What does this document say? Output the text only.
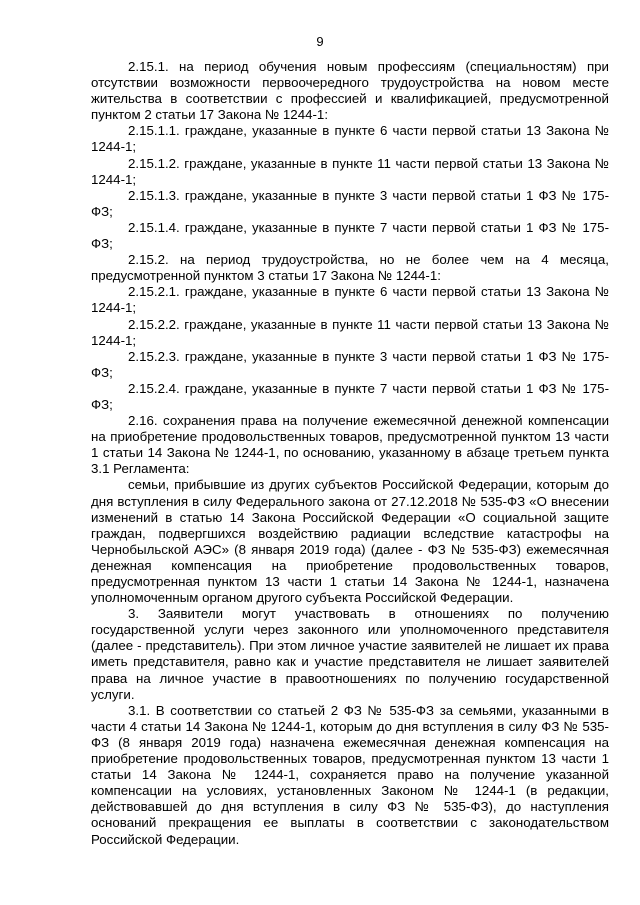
9

2.15.1. на период обучения новым профессиям (специальностям) при отсутствии возможности первоочередного трудоустройства на новом месте жительства в соответствии с профессией и квалификацией, предусмотренной пунктом 2 статьи 17 Закона № 1244-1:

2.15.1.1. граждане, указанные в пункте 6 части первой статьи 13 Закона № 1244-1;

2.15.1.2. граждане, указанные в пункте 11 части первой статьи 13 Закона № 1244-1;

2.15.1.3. граждане, указанные в пункте 3 части первой статьи 1 ФЗ № 175-ФЗ;

2.15.1.4. граждане, указанные в пункте 7 части первой статьи 1 ФЗ № 175-ФЗ;

2.15.2. на период трудоустройства, но не более чем на 4 месяца, предусмотренной пунктом 3 статьи 17 Закона № 1244-1:

2.15.2.1. граждане, указанные в пункте 6 части первой статьи 13 Закона № 1244-1;

2.15.2.2. граждане, указанные в пункте 11 части первой статьи 13 Закона № 1244-1;

2.15.2.3. граждане, указанные в пункте 3 части первой статьи 1 ФЗ № 175-ФЗ;

2.15.2.4. граждане, указанные в пункте 7 части первой статьи 1 ФЗ № 175-ФЗ;

2.16. сохранения права на получение ежемесячной денежной компенсации на приобретение продовольственных товаров, предусмотренной пунктом 13 части 1 статьи 14 Закона № 1244-1, по основанию, указанному в абзаце третьем пункта 3.1 Регламента:

семьи, прибывшие из других субъектов Российской Федерации, которым до дня вступления в силу Федерального закона от 27.12.2018 № 535-ФЗ «О внесении изменений в статью 14 Закона Российской Федерации «О социальной защите граждан, подвергшихся воздействию радиации вследствие катастрофы на Чернобыльской АЭС» (8 января 2019 года) (далее - ФЗ № 535-ФЗ) ежемесячная денежная компенсация на приобретение продовольственных товаров, предусмотренная пунктом 13 части 1 статьи 14 Закона № 1244-1, назначена уполномоченным органом другого субъекта Российской Федерации.

3. Заявители могут участвовать в отношениях по получению государственной услуги через законного или уполномоченного представителя (далее - представитель). При этом личное участие заявителей не лишает их права иметь представителя, равно как и участие представителя не лишает заявителей права на личное участие в правоотношениях по получению государственной услуги.

3.1. В соответствии со статьей 2 ФЗ № 535-ФЗ за семьями, указанными в части 4 статьи 14 Закона № 1244-1, которым до дня вступления в силу ФЗ № 535-ФЗ (8 января 2019 года) назначена ежемесячная денежная компенсация на приобретение продовольственных товаров, предусмотренная пунктом 13 части 1 статьи 14 Закона № 1244-1, сохраняется право на получение указанной компенсации на условиях, установленных Законом № 1244-1 (в редакции, действовавшей до дня вступления в силу ФЗ № 535-ФЗ), до наступления оснований прекращения ее выплаты в соответствии с законодательством Российской Федерации.
